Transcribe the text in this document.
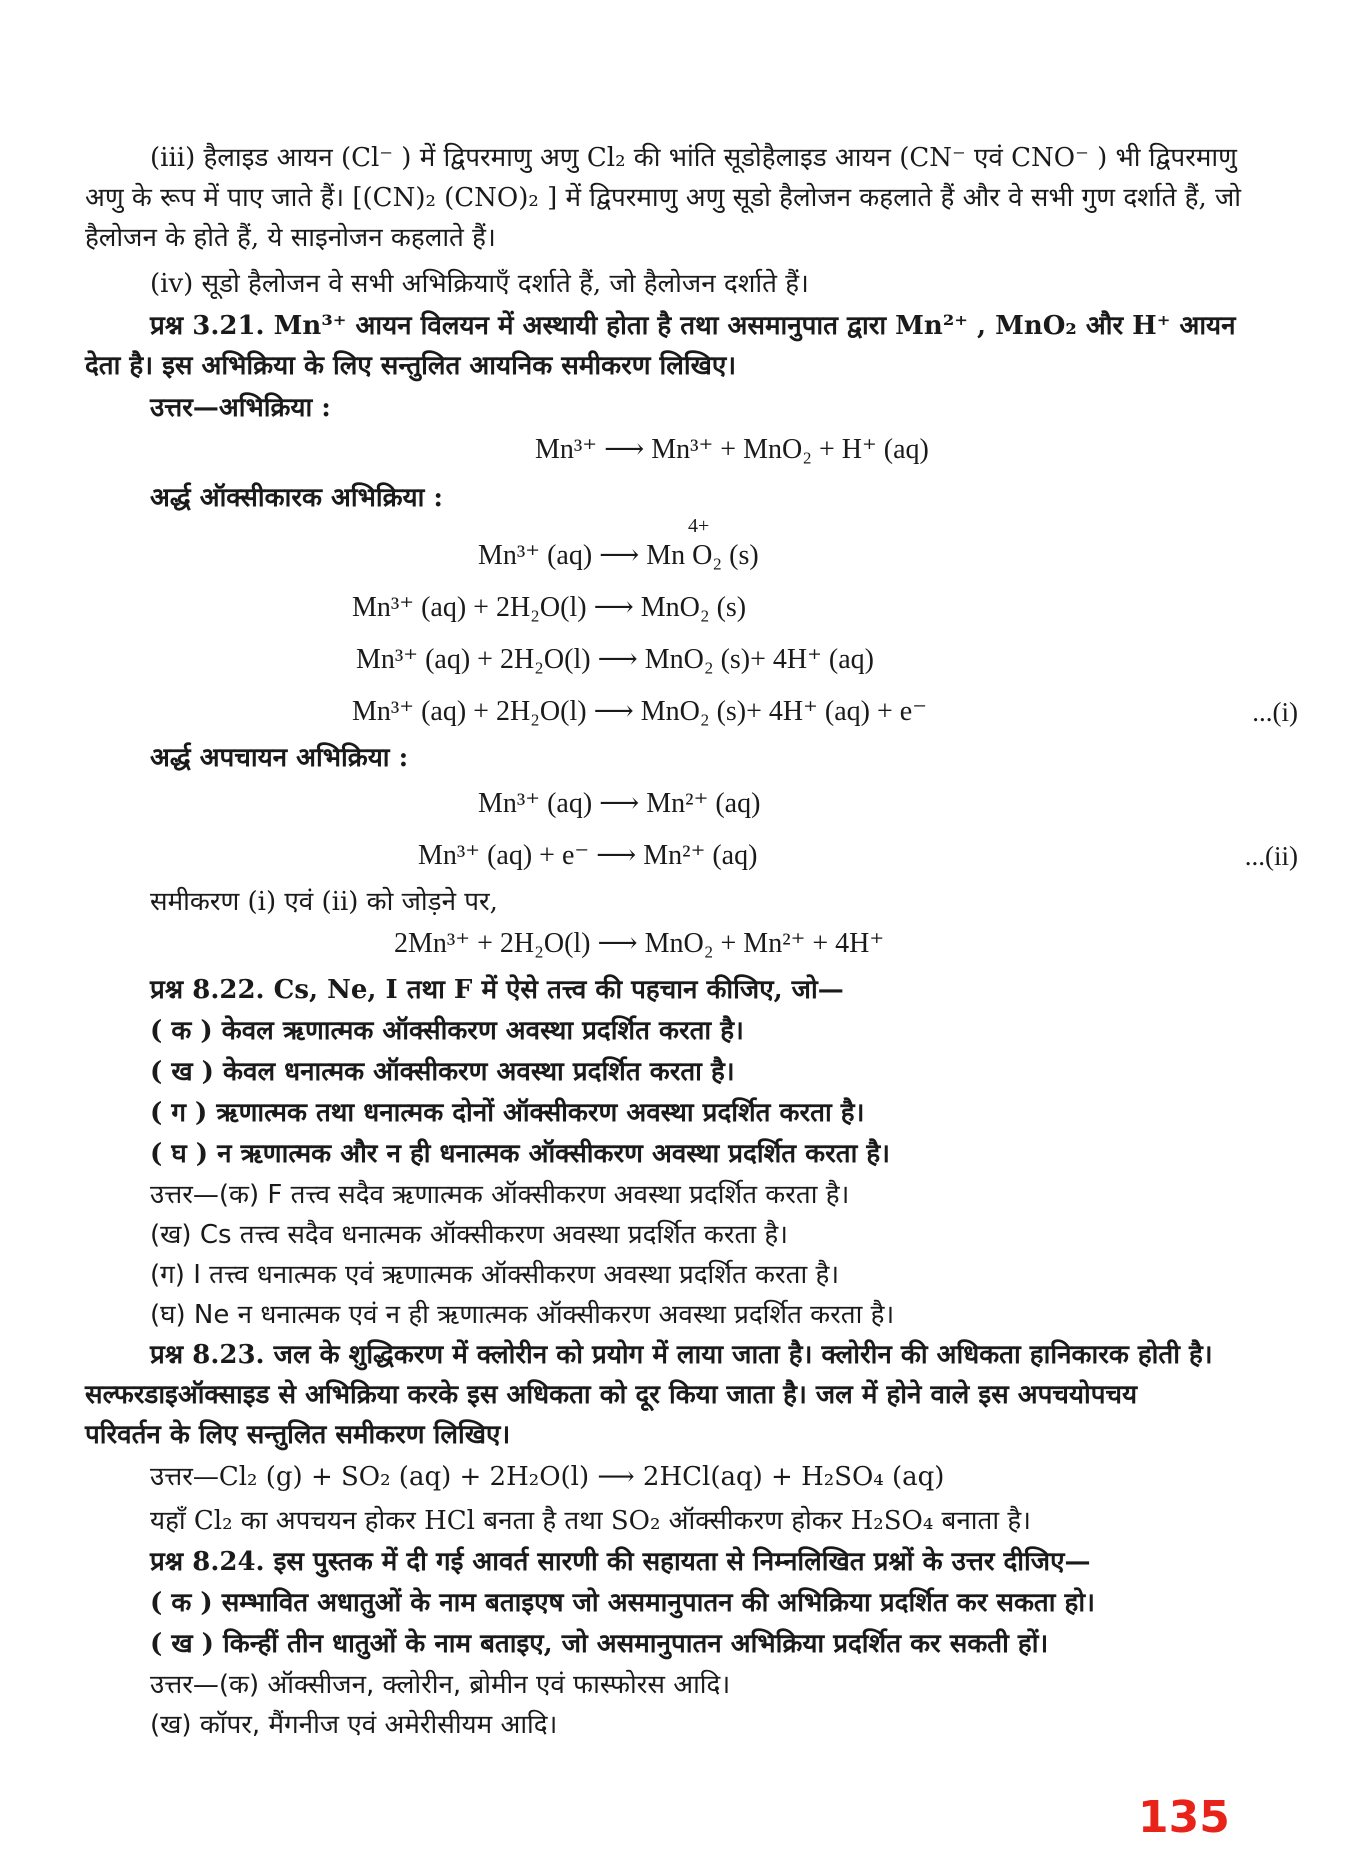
(iii) हैलाइड आयन (Cl⁻ ) में द्विपरमाणु अणु Cl₂ की भांति सूडोहैलाइड आयन (CN⁻ एवं CNO⁻ ) भी द्विपरमाणु
अणु के रूप में पाए जाते हैं। [(CN)₂ (CNO)₂ ] में द्विपरमाणु अणु सूडो हैलोजन कहलाते हैं और वे सभी गुण दर्शाते हैं, जो
हैलोजन के होते हैं, ये साइनोजन कहलाते हैं।
(iv) सूडो हैलोजन वे सभी अभिक्रियाएँ दर्शाते हैं, जो हैलोजन दर्शाते हैं।
प्रश्न 3.21. Mn³⁺ आयन विलयन में अस्थायी होता है तथा असमानुपात द्वारा Mn²⁺ , MnO₂ और H⁺ आयन
देता है। इस अभिक्रिया के लिए सन्तुलित आयनिक समीकरण लिखिए।
उत्तर—अभिक्रिया :
Mn³⁺ ⟶ Mn³⁺ + MnO₂ + H⁺ (aq)
अर्द्ध ऑक्सीकारक अभिक्रिया :
4+
Mn³⁺ (aq) ⟶ Mn O₂ (s)
Mn³⁺ (aq) + 2H₂O(l) ⟶ MnO₂ (s)
Mn³⁺ (aq) + 2H₂O(l) ⟶ MnO₂ (s)+ 4H⁺ (aq)
Mn³⁺ (aq) + 2H₂O(l) ⟶ MnO₂ (s)+ 4H⁺ (aq) + e⁻	...(i)
अर्द्ध अपचायन अभिक्रिया :
Mn³⁺ (aq) ⟶ Mn²⁺ (aq)
Mn³⁺ (aq) + e⁻ ⟶ Mn²⁺ (aq)	...(ii)
समीकरण (i) एवं (ii) को जोड़ने पर,
2Mn³⁺ + 2H₂O(l) ⟶ MnO₂ + Mn²⁺ + 4H⁺
प्रश्न 8.22. Cs, Ne, I तथा F में ऐसे तत्त्व की पहचान कीजिए, जो—
( क ) केवल ऋणात्मक ऑक्सीकरण अवस्था प्रदर्शित करता है।
( ख ) केवल धनात्मक ऑक्सीकरण अवस्था प्रदर्शित करता है।
( ग ) ऋणात्मक तथा धनात्मक दोनों ऑक्सीकरण अवस्था प्रदर्शित करता है।
( घ ) न ऋणात्मक और न ही धनात्मक ऑक्सीकरण अवस्था प्रदर्शित करता है।
उत्तर—(क) F तत्त्व सदैव ऋणात्मक ऑक्सीकरण अवस्था प्रदर्शित करता है।
(ख) Cs तत्त्व सदैव धनात्मक ऑक्सीकरण अवस्था प्रदर्शित करता है।
(ग) I तत्त्व धनात्मक एवं ऋणात्मक ऑक्सीकरण अवस्था प्रदर्शित करता है।
(घ) Ne न धनात्मक एवं न ही ऋणात्मक ऑक्सीकरण अवस्था प्रदर्शित करता है।
प्रश्न 8.23. जल के शुद्धिकरण में क्लोरीन को प्रयोग में लाया जाता है। क्लोरीन की अधिकता हानिकारक होती है।
सल्फरडाइऑक्साइड से अभिक्रिया करके इस अधिकता को दूर किया जाता है। जल में होने वाले इस अपचयोपचय
परिवर्तन के लिए सन्तुलित समीकरण लिखिए।
उत्तर—Cl₂ (g) + SO₂ (aq) + 2H₂O(l) ⟶ 2HCl(aq) + H₂SO₄ (aq)
यहाँ Cl₂ का अपचयन होकर HCl बनता है तथा SO₂ ऑक्सीकरण होकर H₂SO₄ बनाता है।
प्रश्न 8.24. इस पुस्तक में दी गई आवर्त सारणी की सहायता से निम्नलिखित प्रश्नों के उत्तर दीजिए—
( क ) सम्भावित अधातुओं के नाम बताइएष जो असमानुपातन की अभिक्रिया प्रदर्शित कर सकता हो।
( ख ) किन्हीं तीन धातुओं के नाम बताइए, जो असमानुपातन अभिक्रिया प्रदर्शित कर सकती हों।
उत्तर—(क) ऑक्सीजन, क्लोरीन, ब्रोमीन एवं फास्फोरस आदि।
(ख) कॉपर, मैंगनीज एवं अमेरीसीयम आदि।
135
